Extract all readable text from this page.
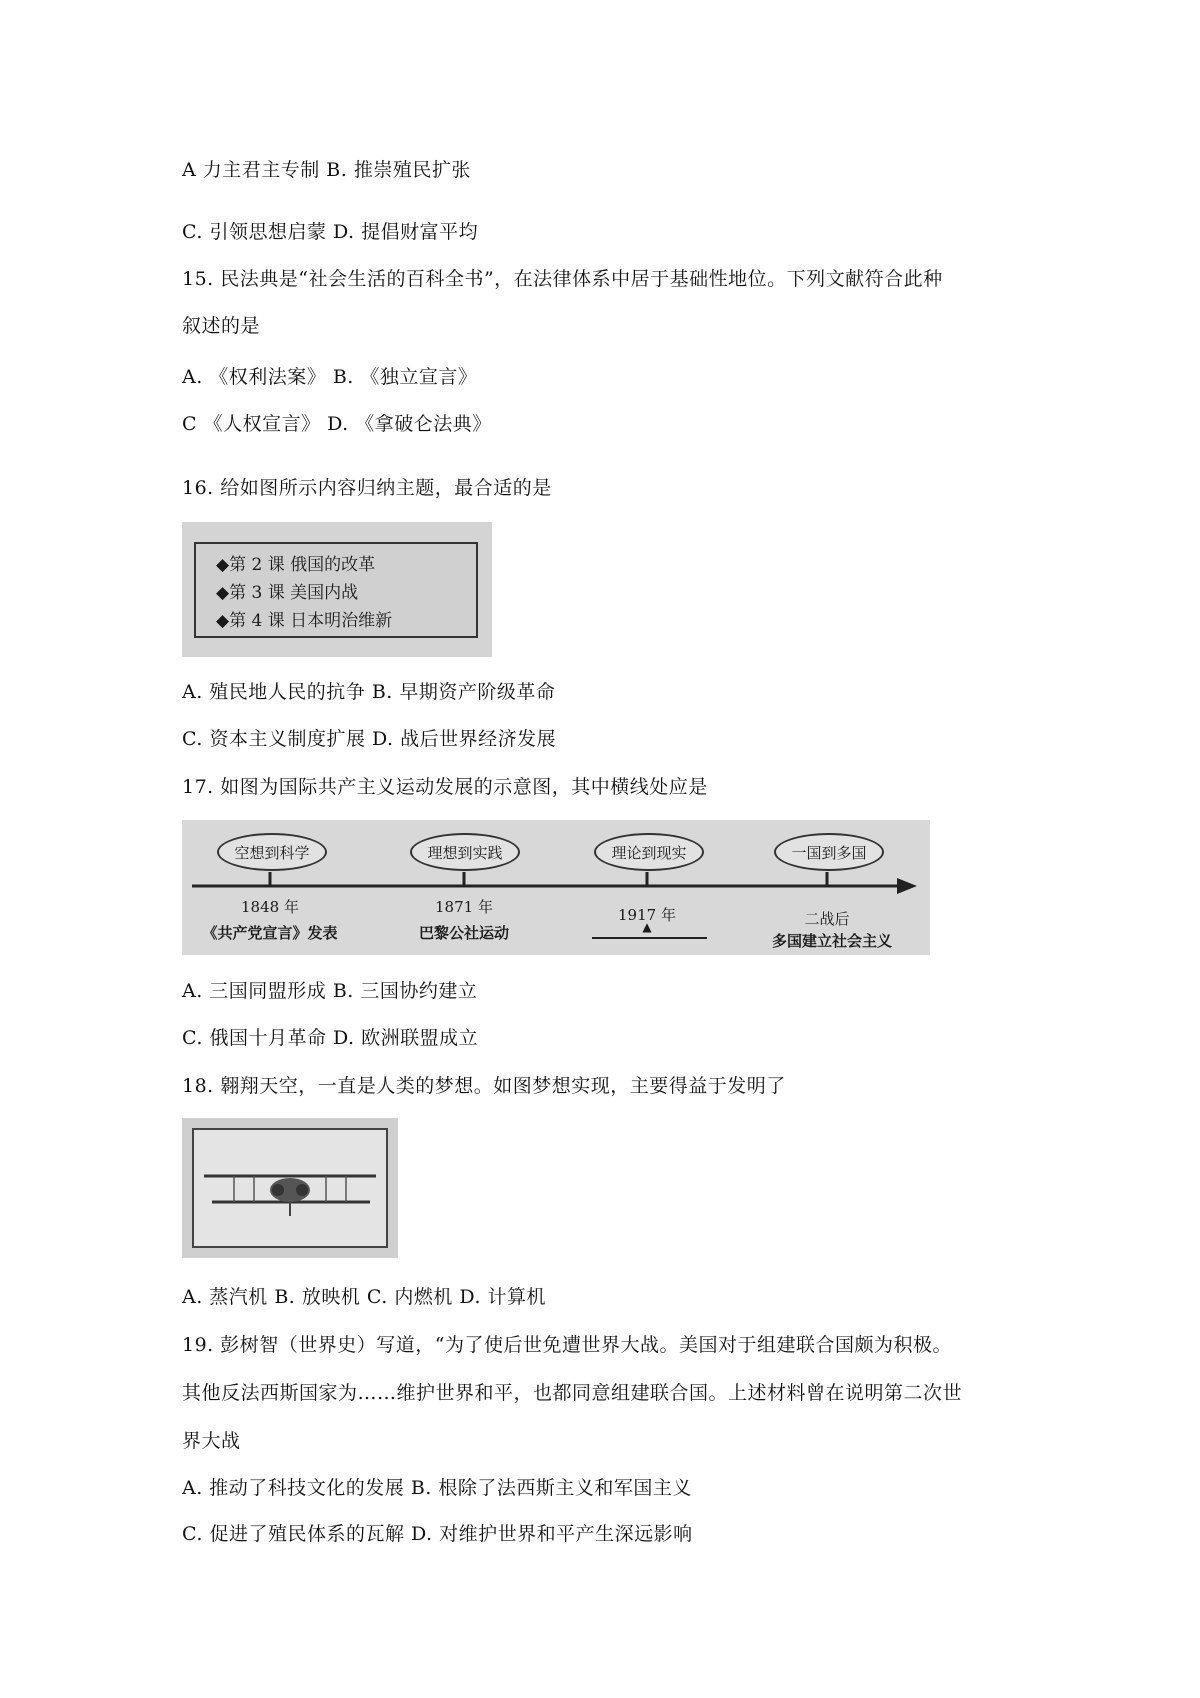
A 力主君主专制 B. 推崇殖民扩张
C. 引领思想启蒙 D. 提倡财富平均
15. 民法典是“社会生活的百科全书”，在法律体系中居于基础性地位。下列文献符合此种
叙述的是
A. 《权利法案》 B. 《独立宣言》
C 《人权宣言》 D. 《拿破仑法典》
16. 给如图所示内容归纳主题，最合适的是
◆第 2 课 俄国的改革
◆第 3 课 美国内战
◆第 4 课 日本明治维新
A. 殖民地人民的抗争 B. 早期资产阶级革命
C. 资本主义制度扩展 D. 战后世界经济发展
17. 如图为国际共产主义运动发展的示意图，其中横线处应是
空想到科学	理想到实践	理论到现实	一国到多国
1848 年	1871 年	1917 年	二战后
《共产党宣言》发表	巴黎公社运动	▲
多国建立社会主义
A. 三国同盟形成 B. 三国协约建立
C. 俄国十月革命 D. 欧洲联盟成立
18. 翱翔天空，一直是人类的梦想。如图梦想实现，主要得益于发明了
A. 蒸汽机 B. 放映机 C. 内燃机 D. 计算机
19. 彭树智（世界史）写道，“为了使后世免遭世界大战。美国对于组建联合国颇为积极。
其他反法西斯国家为……维护世界和平，也都同意组建联合国。上述材料曾在说明第二次世
界大战
A. 推动了科技文化的发展 B. 根除了法西斯主义和军国主义
C. 促进了殖民体系的瓦解 D. 对维护世界和平产生深远影响
